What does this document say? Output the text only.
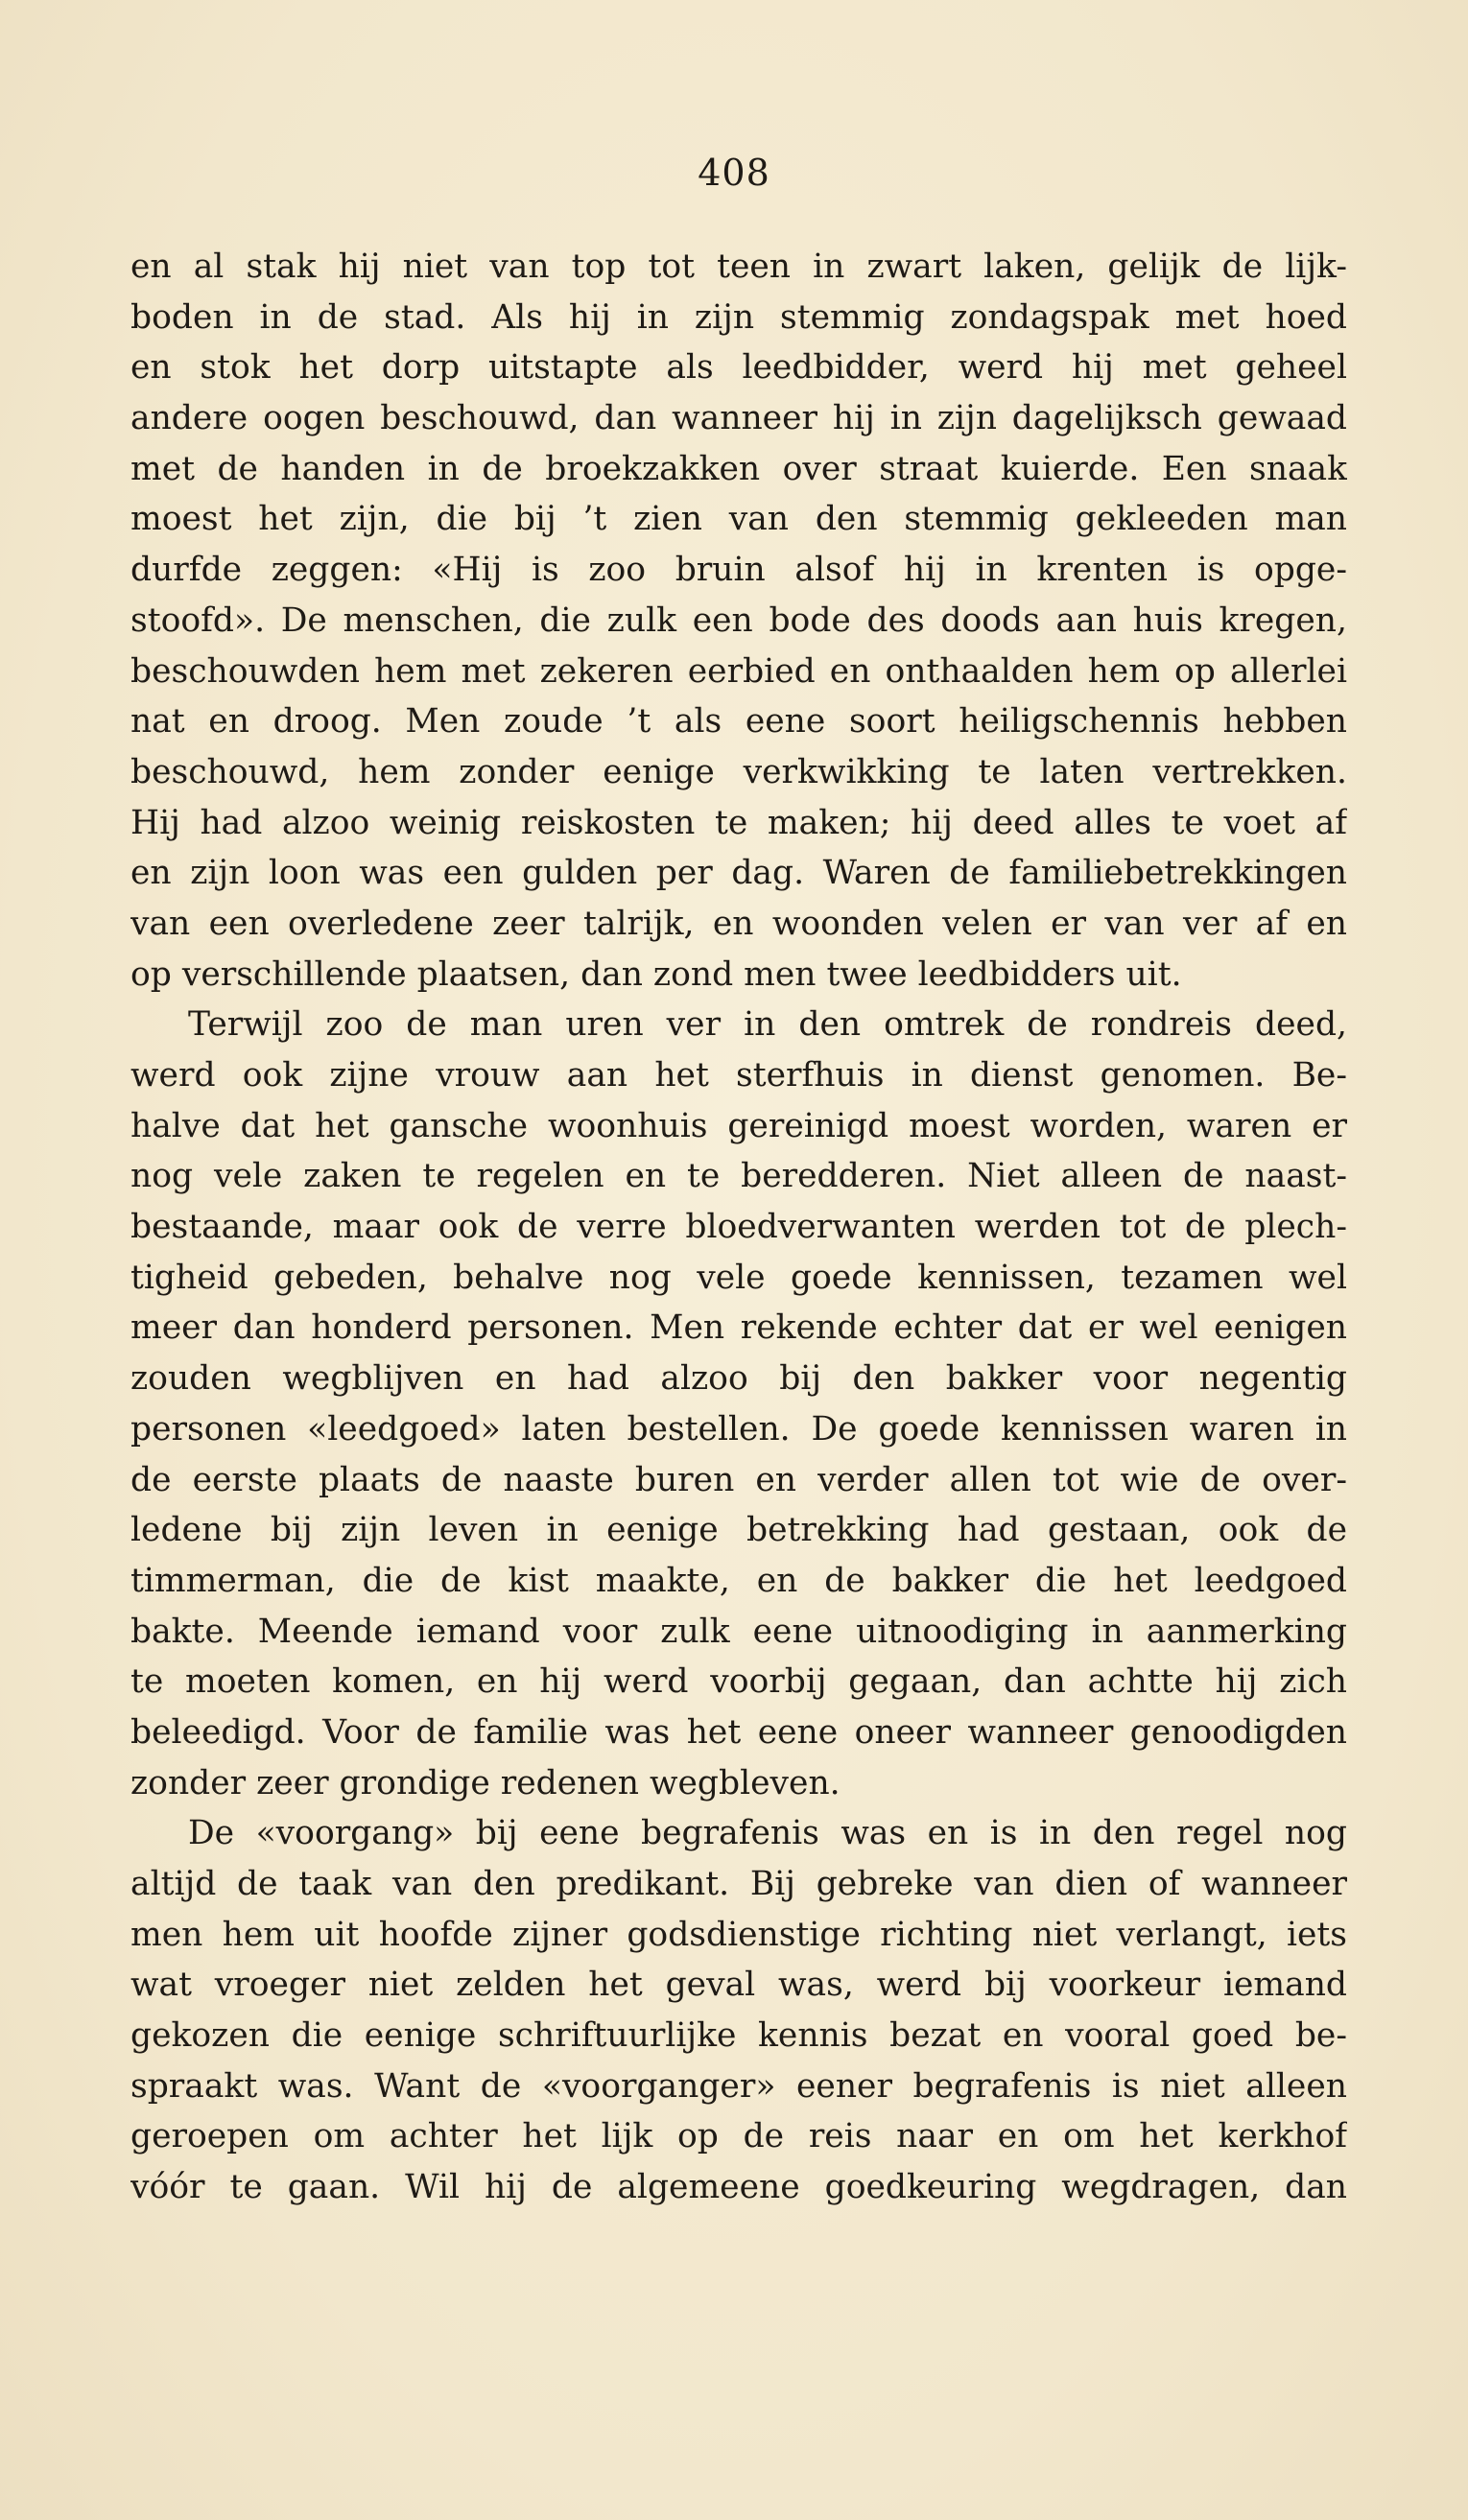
408
en al stak hij niet van top tot teen in zwart laken, gelijk de lijk-
boden in de stad. Als hij in zijn stemmig zondagspak met hoed
en stok het dorp uitstapte als leedbidder, werd hij met geheel
andere oogen beschouwd, dan wanneer hij in zijn dagelijksch gewaad
met de handen in de broekzakken over straat kuierde. Een snaak
moest het zijn, die bij ’t zien van den stemmig gekleeden man
durfde zeggen: «Hij is zoo bruin alsof hij in krenten is opge-
stoofd». De menschen, die zulk een bode des doods aan huis kregen,
beschouwden hem met zekeren eerbied en onthaalden hem op allerlei
nat en droog. Men zoude ’t als eene soort heiligschennis hebben
beschouwd, hem zonder eenige verkwikking te laten vertrekken.
Hij had alzoo weinig reiskosten te maken; hij deed alles te voet af
en zijn loon was een gulden per dag. Waren de familiebetrekkingen
van een overledene zeer talrijk, en woonden velen er van ver af en
op verschillende plaatsen, dan zond men twee leedbidders uit.
Terwijl zoo de man uren ver in den omtrek de rondreis deed,
werd ook zijne vrouw aan het sterfhuis in dienst genomen. Be-
halve dat het gansche woonhuis gereinigd moest worden, waren er
nog vele zaken te regelen en te beredderen. Niet alleen de naast-
bestaande, maar ook de verre bloedverwanten werden tot de plech-
tigheid gebeden, behalve nog vele goede kennissen, tezamen wel
meer dan honderd personen. Men rekende echter dat er wel eenigen
zouden wegblijven en had alzoo bij den bakker voor negentig
personen «leedgoed» laten bestellen. De goede kennissen waren in
de eerste plaats de naaste buren en verder allen tot wie de over-
ledene bij zijn leven in eenige betrekking had gestaan, ook de
timmerman, die de kist maakte, en de bakker die het leedgoed
bakte. Meende iemand voor zulk eene uitnoodiging in aanmerking
te moeten komen, en hij werd voorbij gegaan, dan achtte hij zich
beleedigd. Voor de familie was het eene oneer wanneer genoodigden
zonder zeer grondige redenen wegbleven.
De «voorgang» bij eene begrafenis was en is in den regel nog
altijd de taak van den predikant. Bij gebreke van dien of wanneer
men hem uit hoofde zijner godsdienstige richting niet verlangt, iets
wat vroeger niet zelden het geval was, werd bij voorkeur iemand
gekozen die eenige schriftuurlijke kennis bezat en vooral goed be-
spraakt was. Want de «voorganger» eener begrafenis is niet alleen
geroepen om achter het lijk op de reis naar en om het kerkhof
vóór te gaan. Wil hij de algemeene goedkeuring wegdragen, dan
